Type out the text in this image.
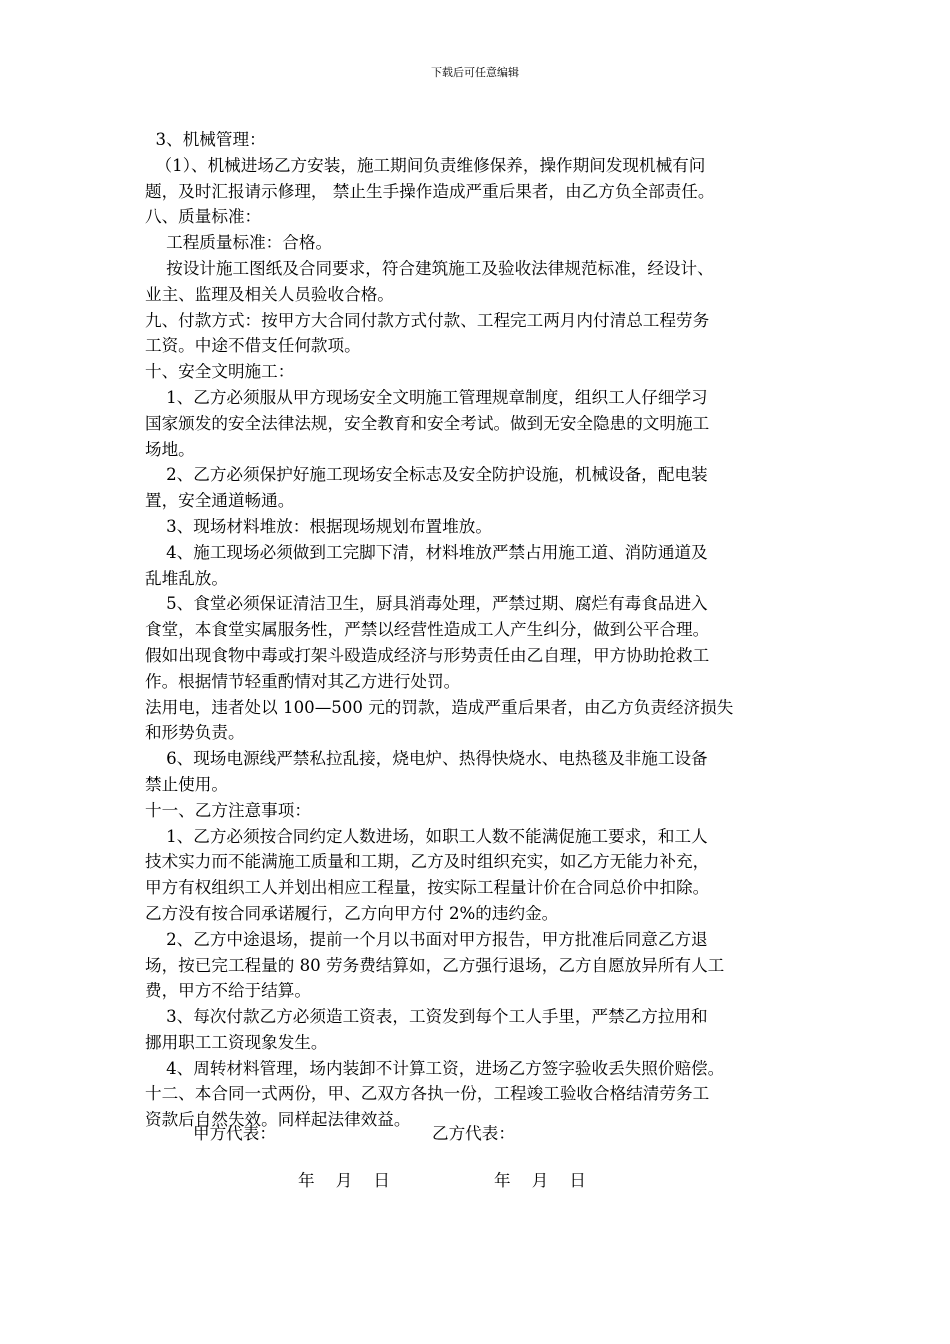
下载后可任意编辑

3、机械管理：

（1）、机械进场乙方安装，施工期间负责维修保养，操作期间发现机械有问

题，及时汇报请示修理， 禁止生手操作造成严重后果者，由乙方负全部责任。

八、质量标准：

工程质量标准：合格。

按设计施工图纸及合同要求，符合建筑施工及验收法律规范标准，经设计、

业主、监理及相关人员验收合格。

九、付款方式：按甲方大合同付款方式付款、工程完工两月内付清总工程劳务

工资。中途不借支任何款项。

十、安全文明施工：

1、乙方必须服从甲方现场安全文明施工管理规章制度，组织工人仔细学习

国家颁发的安全法律法规，安全教育和安全考试。做到无安全隐患的文明施工

场地。

2、乙方必须保护好施工现场安全标志及安全防护设施，机械设备，配电装

置，安全通道畅通。

3、现场材料堆放：根据现场规划布置堆放。

4、施工现场必须做到工完脚下清，材料堆放严禁占用施工道、消防通道及

乱堆乱放。

5、食堂必须保证清洁卫生，厨具消毒处理，严禁过期、腐烂有毒食品进入

食堂，本食堂实属服务性，严禁以经营性造成工人产生纠分，做到公平合理。

假如出现食物中毒或打架斗殴造成经济与形势责任由乙自理，甲方协助抢救工

作。根据情节轻重酌情对其乙方进行处罚。

法用电，违者处以 100—500 元的罚款，造成严重后果者，由乙方负责经济损失

和形势负责。

6、现场电源线严禁私拉乱接，烧电炉、热得快烧水、电热毯及非施工设备

禁止使用。

十一、乙方注意事项：

1、乙方必须按合同约定人数进场，如职工人数不能满促施工要求，和工人

技术实力而不能满施工质量和工期，乙方及时组织充实，如乙方无能力补充，

甲方有权组织工人并划出相应工程量，按实际工程量计价在合同总价中扣除。

乙方没有按合同承诺履行，乙方向甲方付 2%的违约金。

2、乙方中途退场，提前一个月以书面对甲方报告，甲方批准后同意乙方退

场，按已完工程量的 80 劳务费结算如，乙方强行退场，乙方自愿放异所有人工

费，甲方不给于结算。

3、每次付款乙方必须造工资表，工资发到每个工人手里，严禁乙方拉用和

挪用职工工资现象发生。

4、周转材料管理，场内装卸不计算工资，进场乙方签字验收丢失照价赔偿。

十二、本合同一式两份，甲、乙双方各执一份，工程竣工验收合格结清劳务工

资款后自然失效。同样起法律效益。

甲方代表：	乙方代表：
年    月    日	年    月    日
